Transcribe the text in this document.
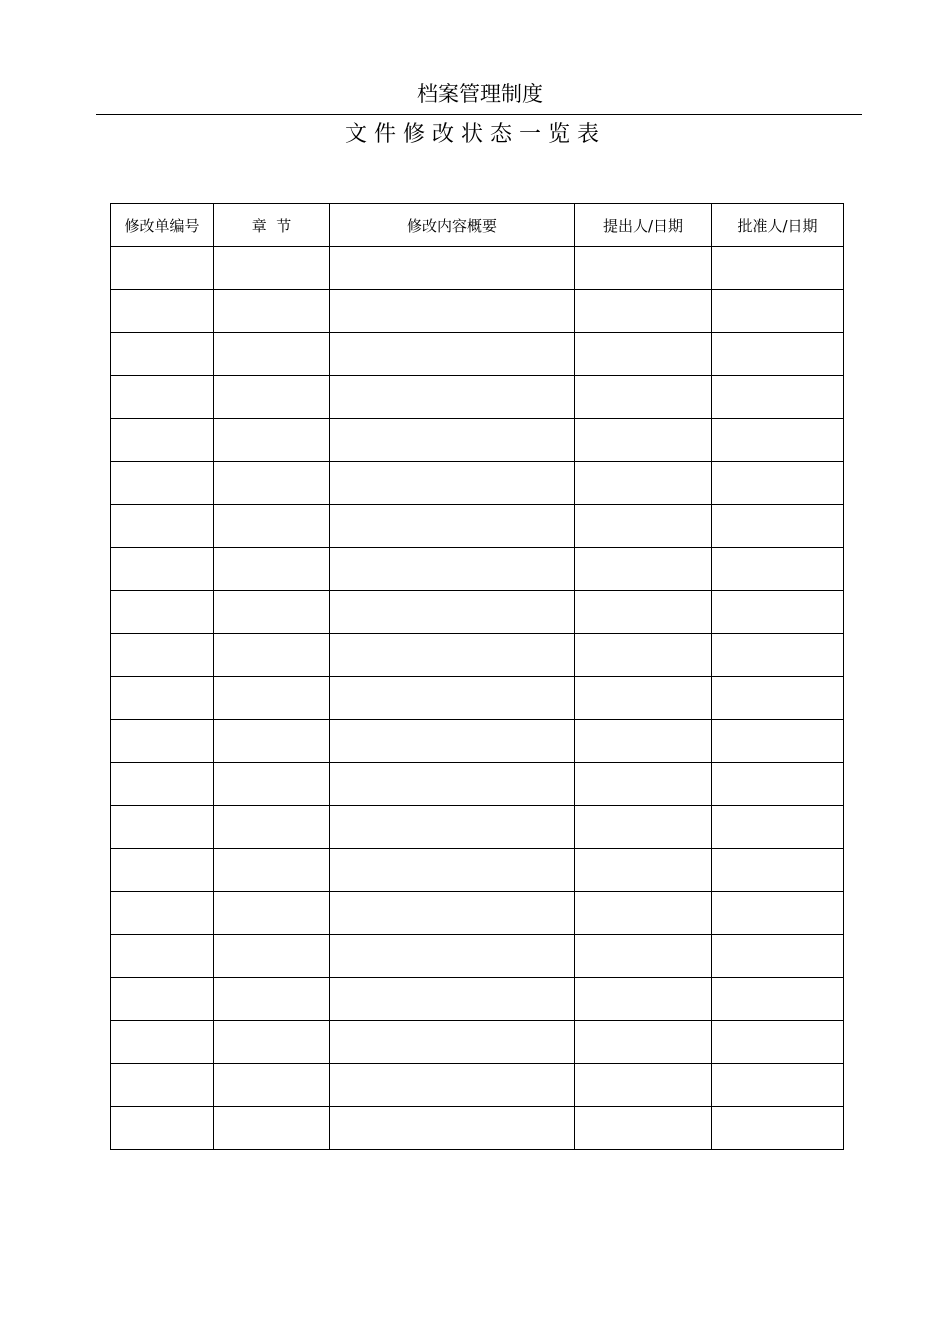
档案管理制度
文 件 修 改 状 态 一 览 表
修改单编号	章  节	修改内容概要	提出人/日期	批准人/日期
